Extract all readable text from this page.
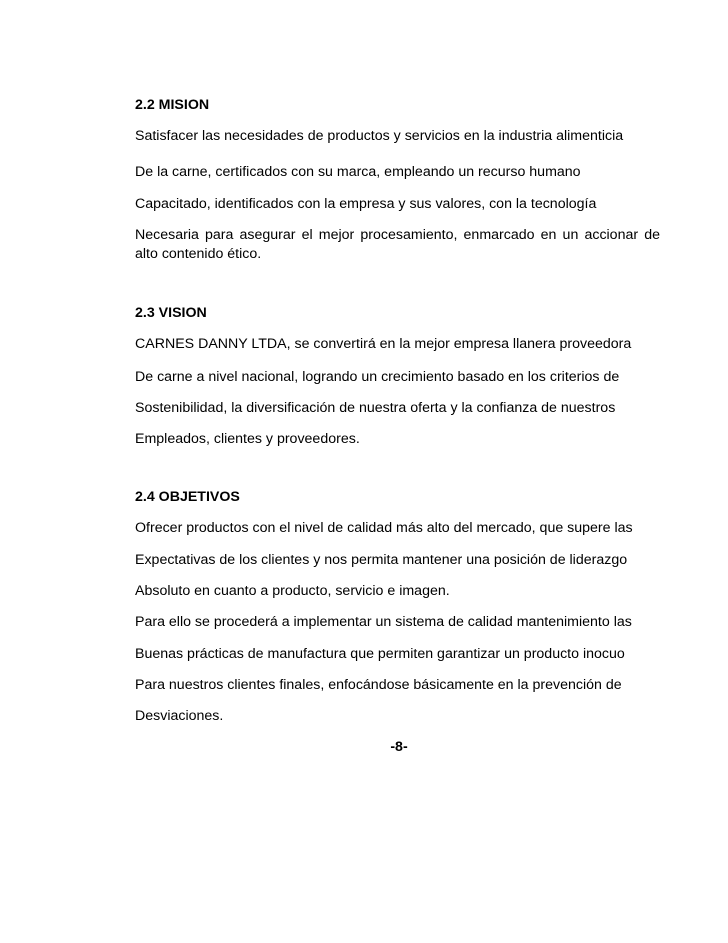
2.2 MISION
Satisfacer las necesidades de productos y servicios en la industria alimenticia
De la carne, certificados con su marca, empleando un recurso humano
Capacitado, identificados con la empresa y sus valores, con la tecnología
Necesaria para asegurar el mejor procesamiento, enmarcado en un accionar de
alto contenido ético.
2.3 VISION
CARNES DANNY LTDA, se convertirá en la mejor empresa llanera proveedora
De carne a nivel nacional, logrando un crecimiento basado en los criterios de
Sostenibilidad, la diversificación de nuestra oferta y la confianza de nuestros
Empleados, clientes y proveedores.
2.4 OBJETIVOS
Ofrecer productos con el nivel de calidad más alto del mercado, que supere las
Expectativas de los clientes y nos permita mantener una posición de liderazgo
Absoluto en cuanto a producto, servicio e imagen.
Para ello se procederá a implementar un sistema de calidad mantenimiento las
Buenas prácticas de manufactura que permiten garantizar un producto inocuo
Para nuestros clientes finales, enfocándose básicamente en la prevención de
Desviaciones.
-8-
